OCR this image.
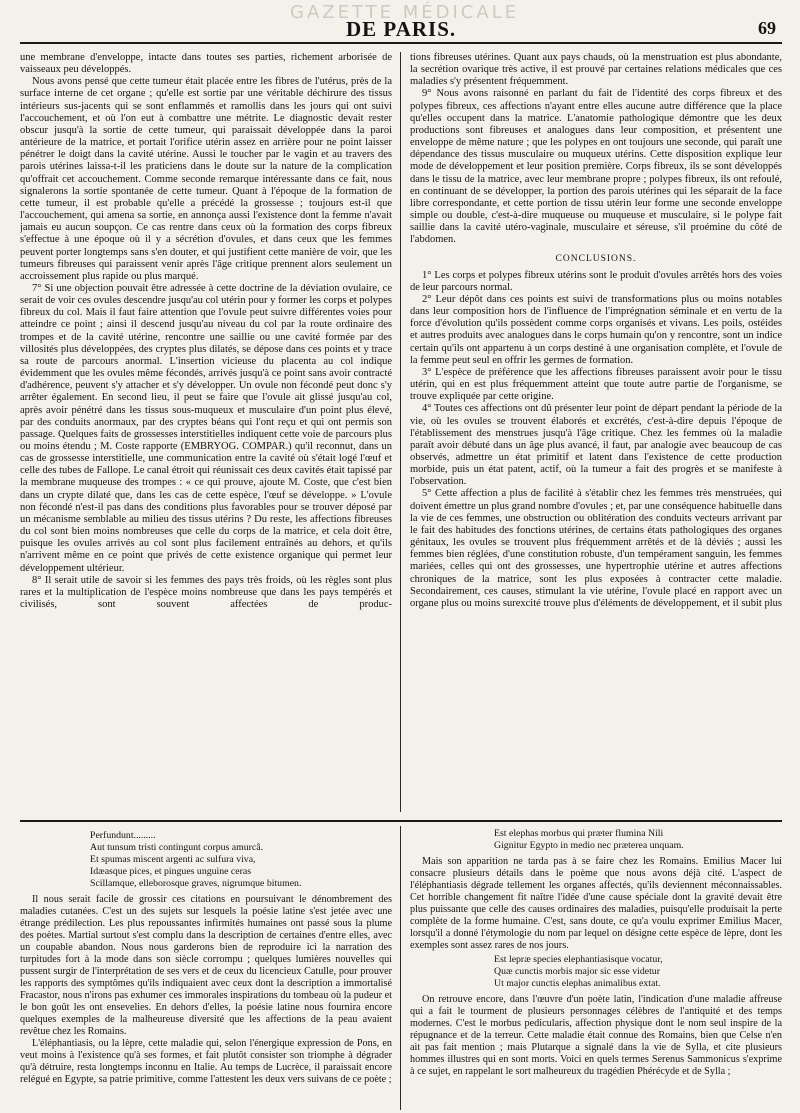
GAZETTE MÉDICALE
DE PARIS.	69

une membrane d'enveloppe, intacte dans toutes ses parties, richement arborisée de vaisseaux peu développés.

Nous avons pensé que cette tumeur était placée entre les fibres de l'utérus, près de la surface interne de cet organe ; qu'elle est sortie par une véritable déchirure des tissus intérieurs sus-jacents qui se sont enflammés et ramollis dans les jours qui ont suivi l'accouchement, et où l'on eut à combattre une métrite. Le diagnostic devait rester obscur jusqu'à la sortie de cette tumeur, qui paraissait développée dans la paroi antérieure de la matrice, et portait l'orifice utérin assez en arrière pour ne point laisser pénétrer le doigt dans la cavité utérine. Aussi le toucher par le vagin et au travers des parois utérines laissa-t-il les praticiens dans le doute sur la nature de la complication qu'offrait cet accouchement. Comme seconde remarque intéressante dans ce fait, nous signalerons la sortie spontanée de cette tumeur. Quant à l'époque de la formation de cette tumeur, il est probable qu'elle a précédé la grossesse ; toujours est-il que l'accouchement, qui amena sa sortie, en annonça aussi l'existence dont la femme n'avait jamais eu aucun soupçon. Ce cas rentre dans ceux où la formation des corps fibreux s'effectue à une époque où il y a sécrétion d'ovules, et dans ceux que les femmes peuvent porter longtemps sans s'en douter, et qui justifient cette manière de voir, que les tumeurs fibreuses qui paraissent venir après l'âge critique prennent alors seulement un accroissement plus rapide ou plus marqué.

7° Si une objection pouvait être adressée à cette doctrine de la déviation ovulaire, ce serait de voir ces ovules descendre jusqu'au col utérin pour y former les corps et polypes fibreux du col. Mais il faut faire attention que l'ovule peut suivre différentes voies pour atteindre ce point ; ainsi il descend jusqu'au niveau du col par la route ordinaire des trompes et de la cavité utérine, rencontre une saillie ou une cavité formée par des villosités plus développées, des cryptes plus dilatés, se dépose dans ces points et y trace sa route de parcours anormal. L'insertion vicieuse du placenta au col indique évidemment que les ovules même fécondés, arrivés jusqu'à ce point sans avoir contracté d'adhérence, peuvent s'y attacher et s'y développer. Un ovule non fécondé peut donc s'y arrêter également. En second lieu, il peut se faire que l'ovule ait glissé jusqu'au col, après avoir pénétré dans les tissus sous-muqueux et musculaire d'un point plus élevé, par des conduits anormaux, par des cryptes béans qui l'ont reçu et qui ont permis son passage. Quelques faits de grossesses interstitielles indiquent cette voie de parcours plus ou moins étendu ; M. Coste rapporte (EMBRYOG. COMPAR.) qu'il reconnut, dans un cas de grossesse interstitielle, une communication entre la cavité où s'était logé l'œuf et celle des tubes de Fallope. Le canal étroit qui réunissait ces deux cavités était tapissé par la membrane muqueuse des trompes : « ce qui prouve, ajoute M. Coste, que c'est bien dans un crypte dilaté que, dans les cas de cette espèce, l'œuf se développe. » L'ovule non fécondé n'est-il pas dans des conditions plus favorables pour se trouver déposé par un mécanisme semblable au milieu des tissus utérins ? Du reste, les affections fibreuses du col sont bien moins nombreuses que celle du corps de la matrice, et cela doit être, puisque les ovules arrivés au col sont plus facilement entraînés au dehors, et qu'ils n'arrivent même en ce point que privés de cette existence organique qui permet leur développement ultérieur.

8° Il serait utile de savoir si les femmes des pays très froids, où les règles sont plus rares et la multiplication de l'espèce moins nombreuse que dans les pays tempérés et civilisés, sont souvent affectées de produc-

tions fibreuses utérines. Quant aux pays chauds, où la menstruation est plus abondante, la secrétion ovarique très active, il est prouvé par certaines relations médicales que ces maladies s'y présentent fréquemment.

9° Nous avons raisonné en parlant du fait de l'identité des corps fibreux et des polypes fibreux, ces affections n'ayant entre elles aucune autre différence que la place qu'elles occupent dans la matrice. L'anatomie pathologique démontre que les deux productions sont fibreuses et analogues dans leur composition, et présentent une enveloppe de même nature ; que les polypes en ont toujours une seconde, qui paraît une dépendance des tissus musculaire ou muqueux utérins. Cette disposition explique leur mode de développement et leur position première. Corps fibreux, ils se sont développés dans le tissu de la matrice, avec leur membrane propre ; polypes fibreux, ils ont refoulé, en continuant de se développer, la portion des parois utérines qui les séparait de la face libre correspondante, et cette portion de tissu utérin leur forme une seconde enveloppe simple ou double, c'est-à-dire muqueuse ou muqueuse et musculaire, si le polype fait saillie dans la cavité utéro-vaginale, musculaire et séreuse, s'il proémine du côté de l'abdomen.

CONCLUSIONS.

1° Les corps et polypes fibreux utérins sont le produit d'ovules arrêtés hors des voies de leur parcours normal.

2° Leur dépôt dans ces points est suivi de transformations plus ou moins notables dans leur composition hors de l'influence de l'imprégnation séminale et en vertu de la force d'évolution qu'ils possèdent comme corps organisés et vivans. Les poils, ostéides et autres produits avec analogues dans le corps humain qu'on y rencontre, sont un indice certain qu'ils ont appartenu à un corps destiné à une organisation complète, et l'ovule de la femme peut seul en offrir les germes de formation.

3° L'espèce de préférence que les affections fibreuses paraissent avoir pour le tissu utérin, qui en est plus fréquemment atteint que toute autre partie de l'organisme, se trouve expliquée par cette origine.

4° Toutes ces affections ont dû présenter leur point de départ pendant la période de la vie, où les ovules se trouvent élaborés et excrétés, c'est-à-dire depuis l'époque de l'établissement des menstrues jusqu'à l'âge critique. Chez les femmes où la maladie paraît avoir débuté dans un âge plus avancé, il faut, par analogie avec beaucoup de cas observés, admettre un état primitif et latent dans l'existence de cette production morbide, puis un état patent, actif, où la tumeur a fait des progrès et se manifeste à l'observation.

5° Cette affection a plus de facilité à s'établir chez les femmes très menstruées, qui doivent émettre un plus grand nombre d'ovules ; et, par une conséquence habituelle dans la vie de ces femmes, une obstruction ou oblitération des conduits vecteurs arrivant par le fait des habitudes des fonctions utérines, de certains états pathologiques des organes génitaux, les ovules se trouvent plus fréquemment arrêtés et de là déviés ; aussi les femmes bien réglées, d'une constitution robuste, d'un tempérament sanguin, les femmes mariées, celles qui ont des grossesses, une hypertrophie utérine et autres affections chroniques de la matrice, sont les plus exposées à contracter cette maladie. Secondairement, ces causes, stimulant la vie utérine, l'ovule placé en rapport avec un organe plus ou moins surexcité trouve plus d'éléments de développement, et il subit plus

Perfundunt.........

Aut tunsum tristi contingunt corpus amurcâ.

Et spumas miscent argenti ac sulfura viva,

Idæasque pices, et pingues unguine ceras

Scillamque, elleborosque graves, nigrumque bitumen.

Il nous serait facile de grossir ces citations en poursuivant le dénombrement des maladies cutanées. C'est un des sujets sur lesquels la poésie latine s'est jetée avec une étrange prédilection. Les plus repoussantes infirmités humaines ont passé sous la plume des poètes. Martial surtout s'est complu dans la description de certaines d'entre elles, avec un coupable abandon. Nous nous garderons bien de reproduire ici la narration des turpitudes fort à la mode dans son siècle corrompu ; quelques lumières nouvelles qui pussent surgir de l'interprétation de ses vers et de ceux du licencieux Catulle, pour prouver les rapports des symptômes qu'ils indiquaient avec ceux dont la description a immortalisé Fracastor, nous n'irons pas exhumer ces immorales inspirations du tombeau où la pudeur et le bon goût les ont ensevelies. En dehors d'elles, la poésie latine nous fournira encore quelques exemples de la malheureuse diversité que les affections de la peau avaient revêtue chez les Romains.

L'éléphantiasis, ou la lèpre, cette maladie qui, selon l'énergique expression de Pons, en veut moins à l'existence qu'à ses formes, et fait plutôt consister son triomphe à dégrader qu'à détruire, resta longtemps inconnu en Italie. Au temps de Lucrèce, il paraissait encore relégué en Egypte, sa patrie primitive, comme l'attestent les deux vers suivans de ce poète ;

Est elephas morbus qui præter flumina Nili

Gignitur Egypto in medio nec præterea unquam.

Mais son apparition ne tarda pas à se faire chez les Romains. Emilius Macer lui consacre plusieurs détails dans le poème que nous avons déjà cité. L'aspect de l'éléphantiasis dégrade tellement les organes affectés, qu'ils deviennent méconnaissables. Cet horrible changement fit naître l'idée d'une cause spéciale dont la gravité devait être plus puissante que celle des causes ordinaires des maladies, puisqu'elle produisait la perte complète de la forme humaine. C'est, sans doute, ce qu'a voulu exprimer Emilius Macer, lorsqu'il a donné l'étymologie du nom par lequel on désigne cette espèce de lèpre, dont les exemples sont assez rares de nos jours.

Est lepræ species elephantiasisque vocatur,

Quæ cunctis morbis major sic esse videtur

Ut major cunctis elephas animalibus extat.

On retrouve encore, dans l'œuvre d'un poète latin, l'indication d'une maladie affreuse qui a fait le tourment de plusieurs personnages célèbres de l'antiquité et des temps modernes. C'est le morbus pedicularis, affection physique dont le nom seul inspire de la répugnance et de la terreur. Cette maladie était connue des Romains, bien que Celse n'en ait pas fait mention ; mais Plutarque a signalé dans la vie de Sylla, et cite plusieurs hommes illustres qui en sont morts. Voici en quels termes Serenus Sammonicus s'exprime à ce sujet, en rappelant le sort malheureux du tragédien Phérécyde et de Sylla ;
